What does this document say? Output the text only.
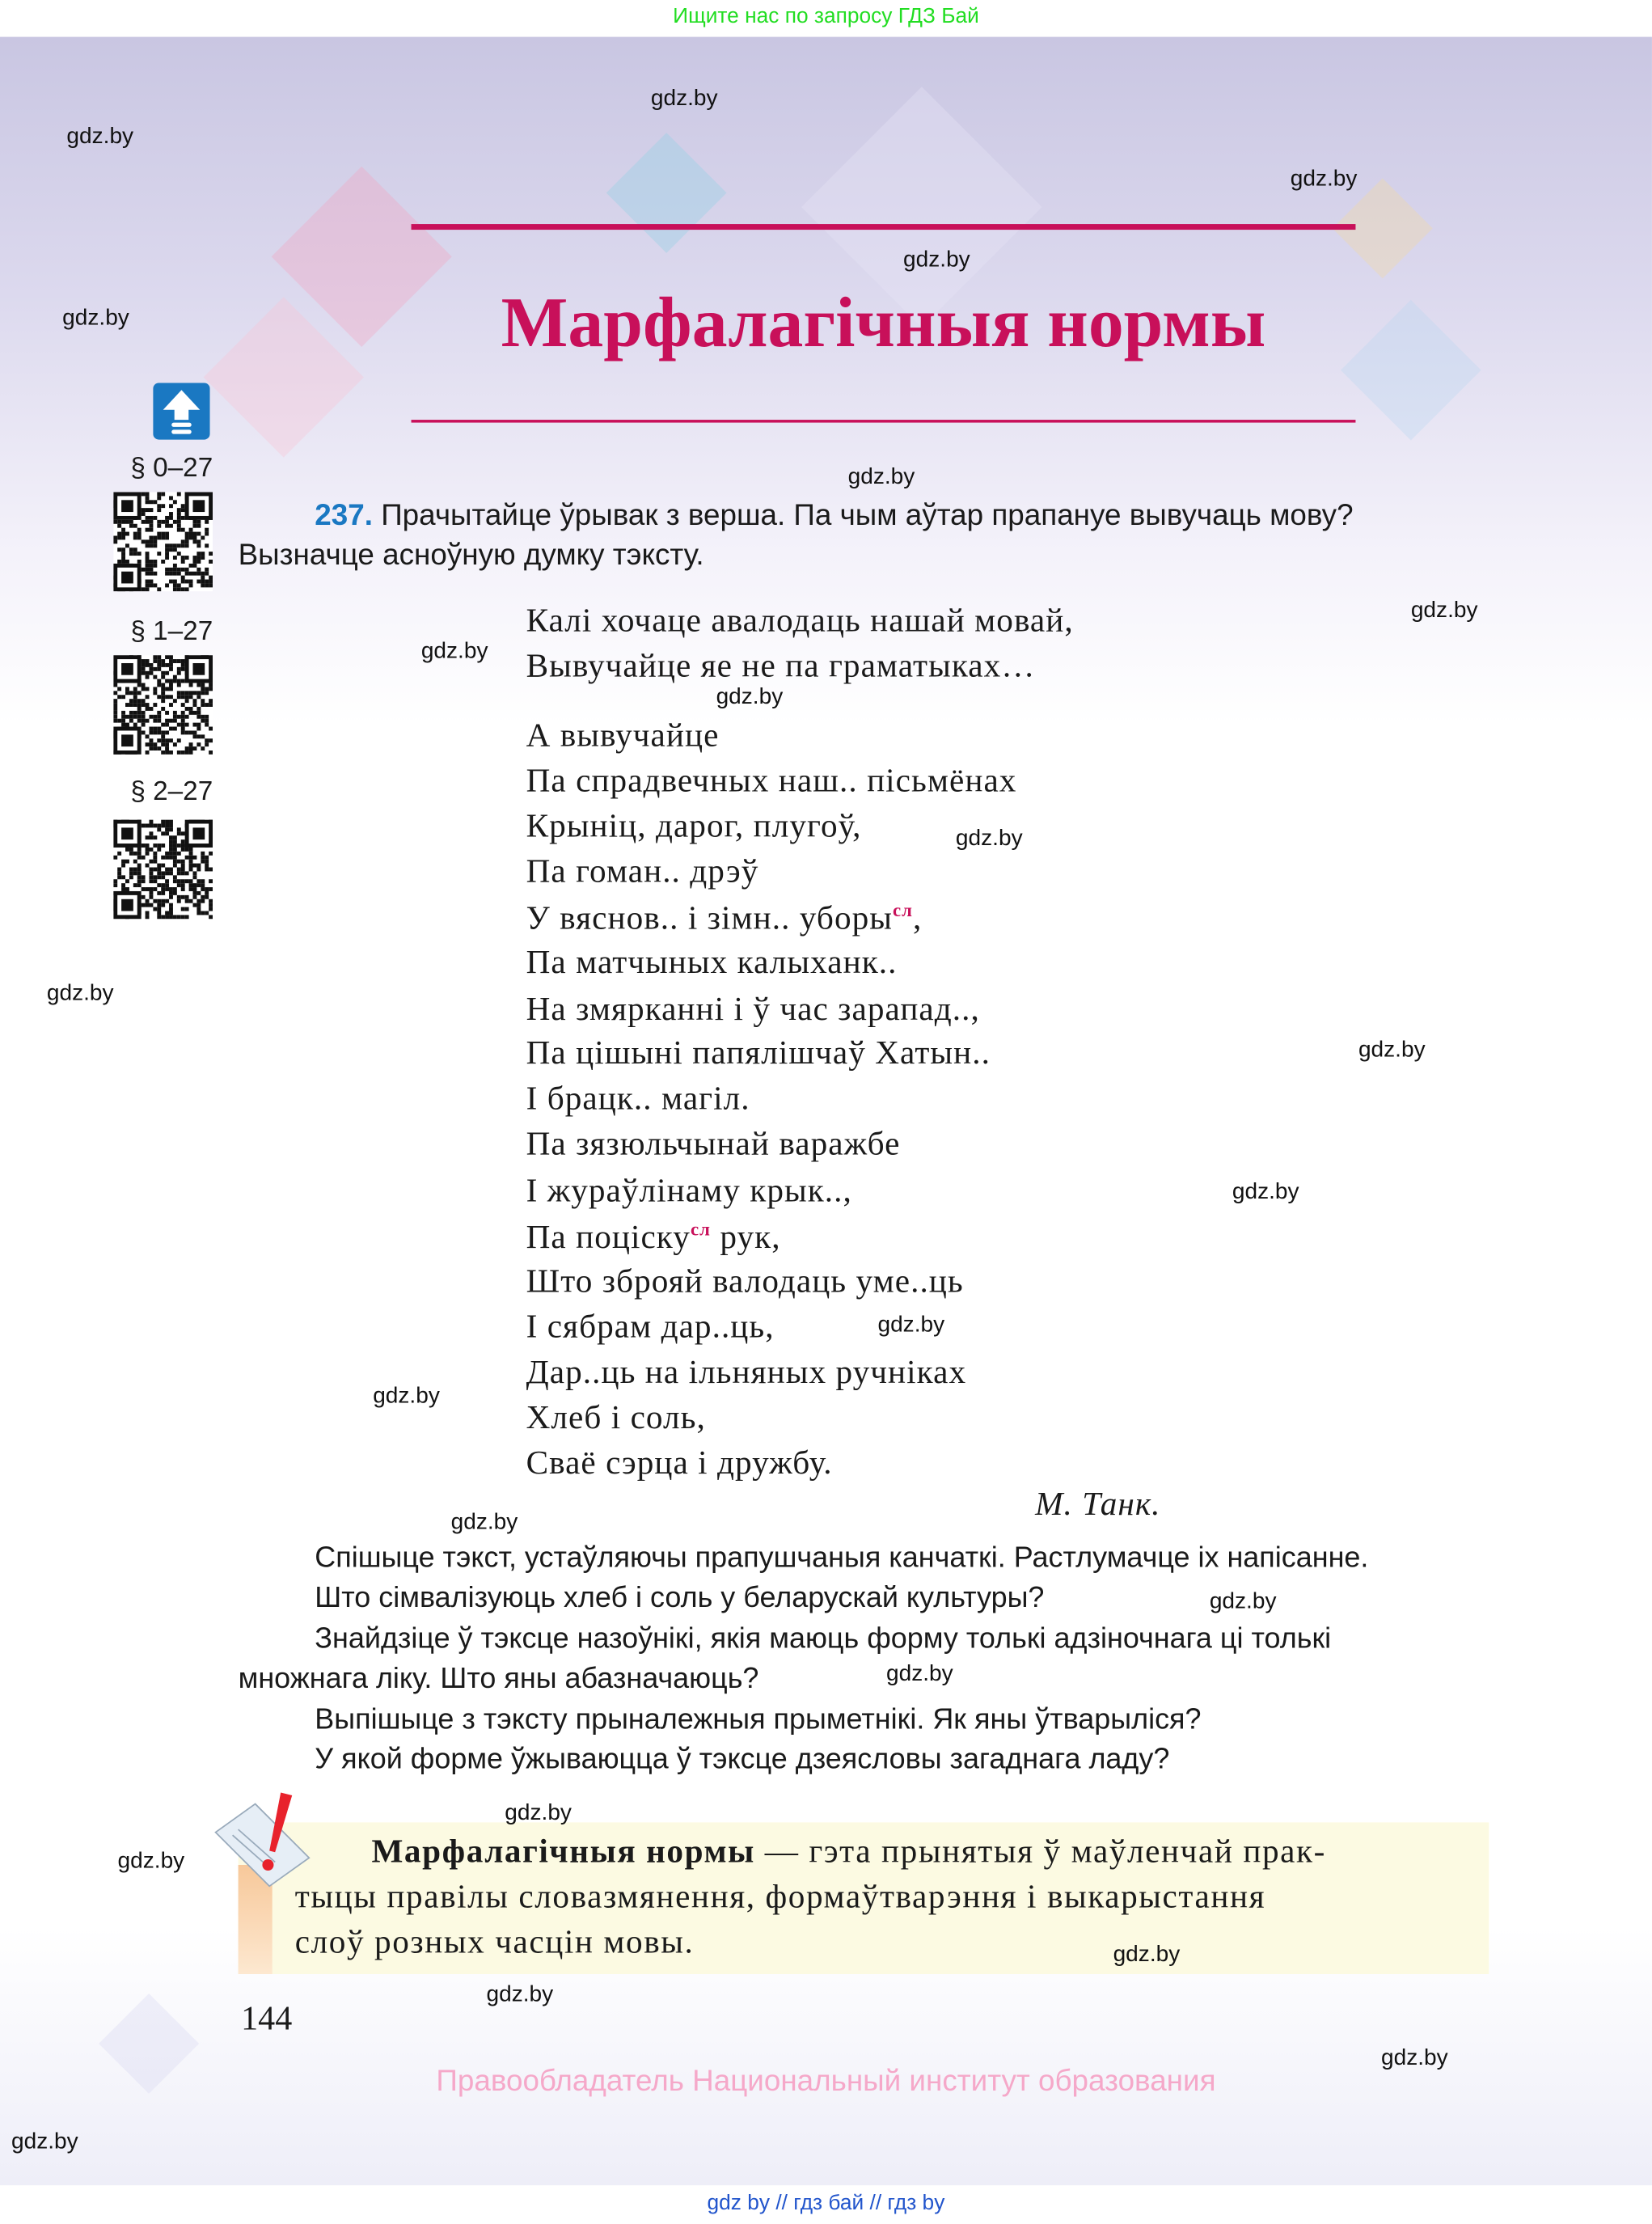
Ищите нас по запросу ГДЗ Бай
Марфалагічныя нормы
§ 0–27
§ 1–27
§ 2–27
237. Прачытайце ўрывак з верша. Па чым аўтар прапануе вывучаць мову?
Вызначце асноўную думку тэксту.
Калі хочаце авалодаць нашай мовай,
Вывучайце яе не па граматыках…
А вывучайце
Па спрадвечных наш.. пісьмёнах
Крыніц, дарог, плугоў,
Па гоман.. дрэў
У вяснов.. і зімн.. уборы$^{сл}$,
Па матчыных калыханк..
На змярканні і ў час зарапад..,
Па цішыні папялішчаў Хатын..
І брацк.. магіл.
Па зязюльчынай варажбе
І жураўлінаму крык..,
Па поціску$^{сл}$ рук,
Што зброяй валодаць уме..ць
І сябрам дар..ць,
Дар..ць на ільняных ручніках
Хлеб і соль,
Сваё сэрца і дружбу.
М. Танк.
Спішыце тэкст, устаўляючы прапушчаныя канчаткі. Растлумачце іх напісанне.
Што сімвалізуюць хлеб і соль у беларускай культуры?
Знайдзіце ў тэксце назоўнікі, якія маюць форму толькі адзіночнага ці толькі
множнага ліку. Што яны абазначаюць?
Выпішыце з тэксту прыналежныя прыметнікі. Як яны ўтварыліся?
У якой форме ўжываюцца ў тэксце дзеясловы загаднага ладу?
Марфалагічныя нормы — гэта прынятыя ў маўленчай прак-
тыцы правілы словазмянення, формаўтварэння і выкарыстання
слоў розных часцін мовы.
144
Правообладатель Национальный институт образования
gdz by // гдз бай // гдз by
gdz.by
gdz.by
gdz.by
gdz.by
gdz.by
gdz.by
gdz.by
gdz.by
gdz.by
gdz.by
gdz.by
gdz.by
gdz.by
gdz.by
gdz.by
gdz.by
gdz.by
gdz.by
gdz.by
gdz.by
gdz.by
gdz.by
gdz.by
gdz.by
